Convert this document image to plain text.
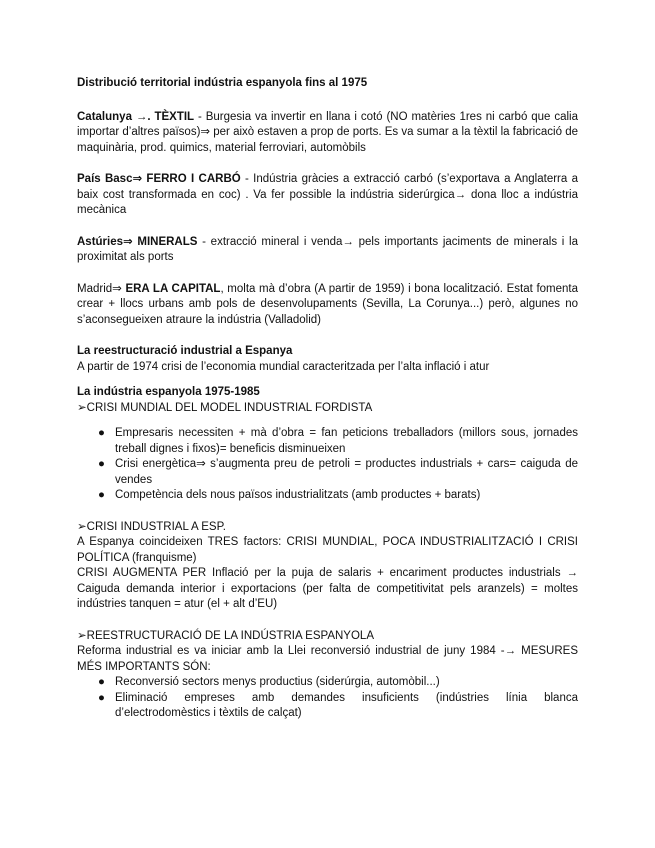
Distribució territorial indústria espanyola fins al 1975

Catalunya →. TÈXTIL - Burgesia va invertir en llana i cotó (NO matèries 1res ni carbó que calia importar d’altres països)⇒ per això estaven a prop de ports. Es va sumar a la tèxtil la fabricació de maquinària, prod. quimics, material ferroviari, automòbils

País Basc⇒ FERRO I CARBÓ - Indústria gràcies a extracció carbó (s’exportava a Anglaterra a baix cost transformada en coc) . Va fer possible la indústria siderúrgica→ dona lloc a indústria mecànica

Astúries⇒ MINERALS - extracció mineral i venda→ pels importants jaciments de minerals i la proximitat als ports

Madrid⇒ ERA LA CAPITAL, molta mà d’obra (A partir de 1959) i bona localització. Estat fomenta crear + llocs urbans amb pols de desenvolupaments (Sevilla, La Corunya...) però, algunes no s’aconsegueixen atraure la indústria (Valladolid)

La reestructuració industrial a Espanya

A partir de 1974 crisi de l’economia mundial caracteritzada per l’alta inflació i atur

La indústria espanyola 1975-1985

➢CRISI MUNDIAL DEL MODEL INDUSTRIAL FORDISTA

● Empresaris necessiten + mà d’obra = fan peticions treballadors (millors sous, jornades treball dignes i fixos)= beneficis disminueixen
● Crisi energètica⇒ s’augmenta preu de petroli = productes industrials + cars= caiguda de vendes
● Competència dels nous països industrialitzats (amb productes + barats)

➢CRISI INDUSTRIAL A ESP.

A Espanya coincideixen TRES factors: CRISI MUNDIAL, POCA INDUSTRIALITZACIÓ I CRISI POLÍTICA (franquisme)

CRISI AUGMENTA PER Inflació per la puja de salaris + encariment productes industrials → Caiguda demanda interior i exportacions (per falta de competitivitat pels aranzels) = moltes indústries tanquen = atur (el + alt d’EU)

➢REESTRUCTURACIÓ DE LA INDÚSTRIA ESPANYOLA

Reforma industrial es va iniciar amb la Llei reconversió industrial de juny 1984 -→ MESURES MÉS IMPORTANTS SÓN:

● Reconversió sectors menys productius (siderúrgia, automòbil...)
● Eliminació empreses amb demandes insuficients (indústries línia blanca d’electrodomèstics i tèxtils de calçat)
